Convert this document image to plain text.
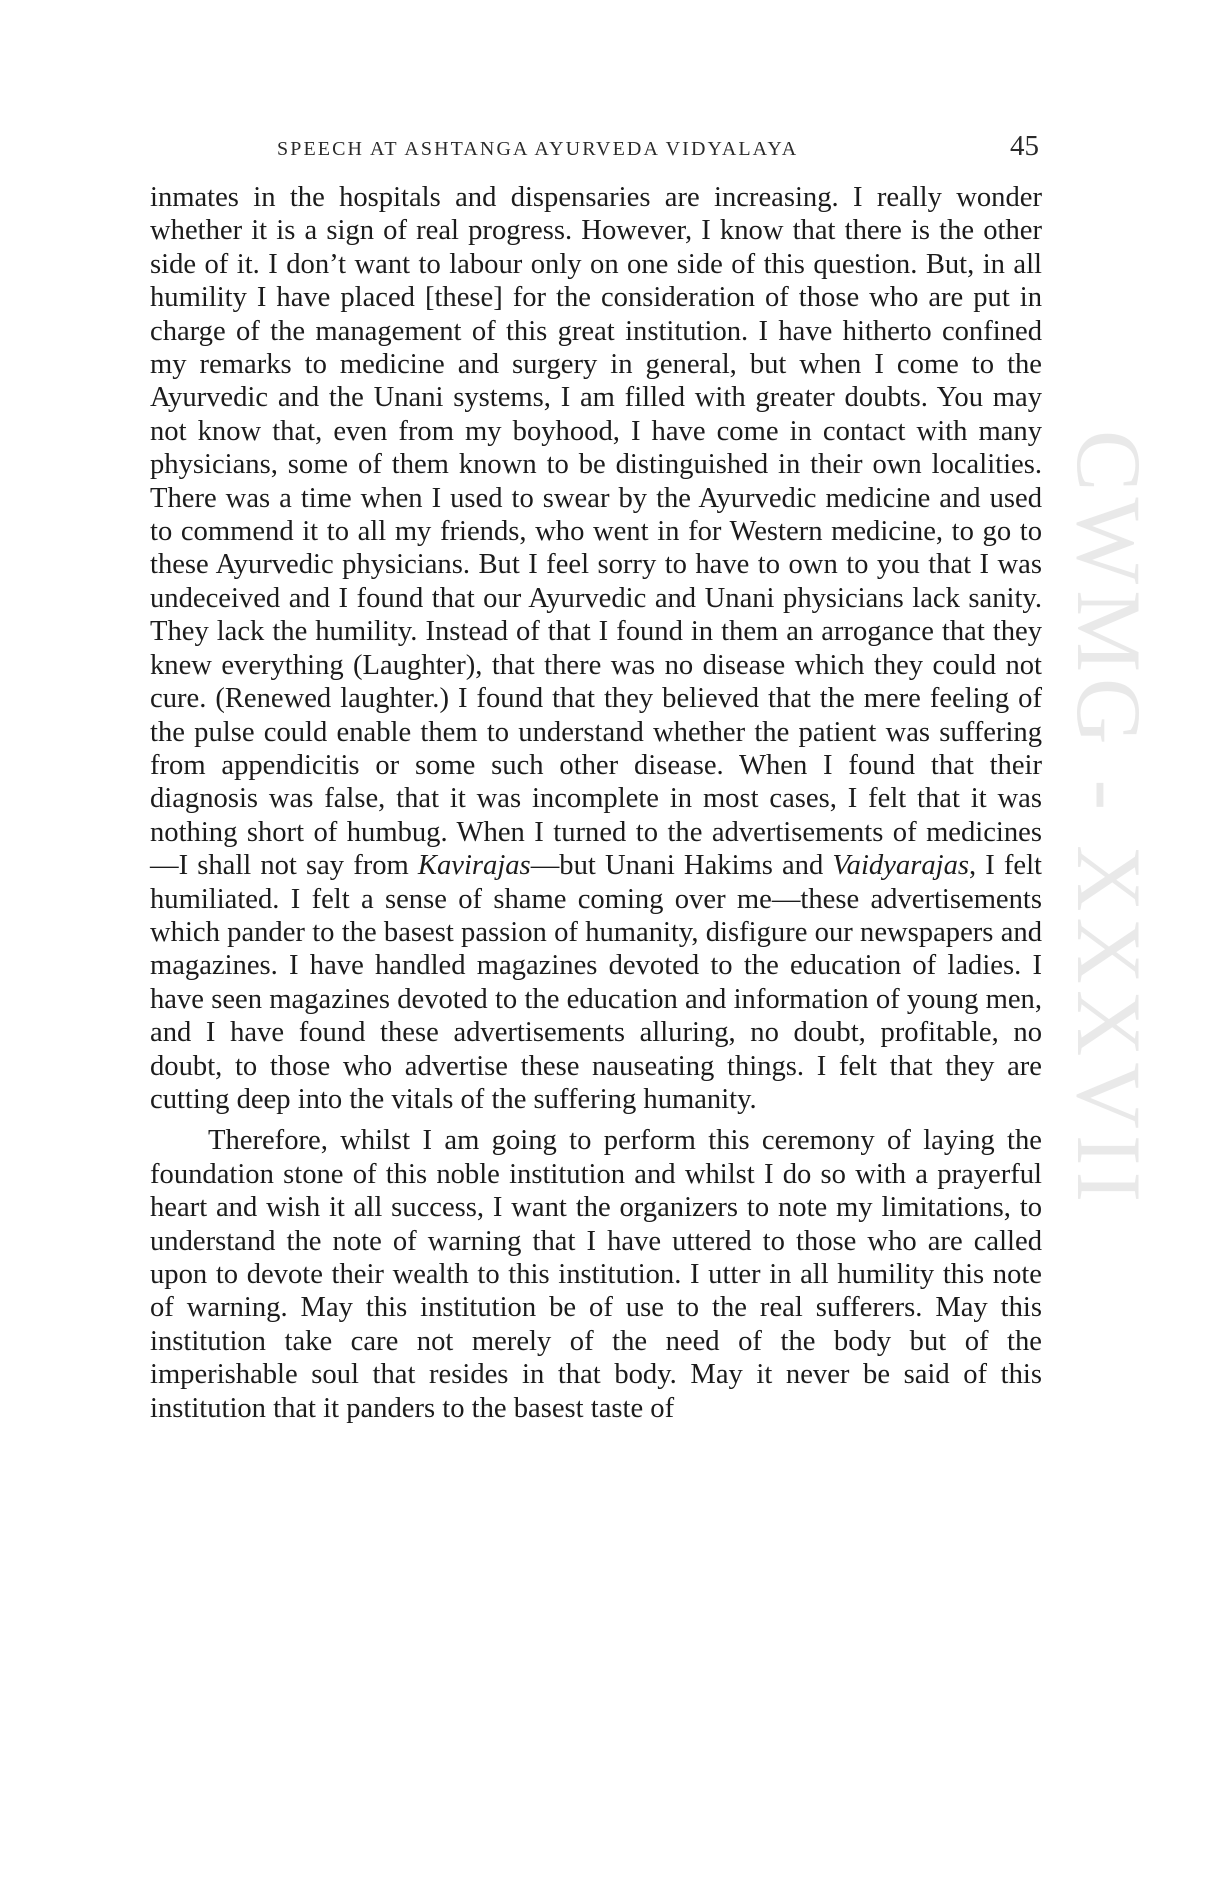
CWMG - XXXVII
SPEECH AT ASHTANGA AYURVEDA VIDYALAYA	45

inmates in the hospitals and dispensaries are increasing. I really wonder whether it is a sign of real progress. However, I know that there is the other side of it. I don’t want to labour only on one side of this question. But, in all humility I have placed [these] for the consideration of those who are put in charge of the management of this great institution. I have hitherto confined my remarks to medicine and surgery in general, but when I come to the Ayurvedic and the Unani systems, I am filled with greater doubts. You may not know that, even from my boyhood, I have come in contact with many physicians, some of them known to be distinguished in their own localities. There was a time when I used to swear by the Ayurvedic medicine and used to commend it to all my friends, who went in for Western medicine, to go to these Ayurvedic physicians. But I feel sorry to have to own to you that I was undeceived and I found that our Ayurvedic and Unani physicians lack sanity. They lack the humility. Instead of that I found in them an arrogance that they knew everything (Laughter), that there was no disease which they could not cure. (Renewed laughter.) I found that they believed that the mere feeling of the pulse could enable them to understand whether the patient was suffering from appendicitis or some such other disease. When I found that their diagnosis was false, that it was incomplete in most cases, I felt that it was nothing short of humbug. When I turned to the advertisements of medicines—I shall not say from Kavirajas—but Unani Hakims and Vaidyarajas, I felt humiliated. I felt a sense of shame coming over me—these advertisements which pander to the basest passion of humanity, disfigure our newspapers and magazines. I have handled magazines devoted to the education of ladies. I have seen magazines devoted to the education and information of young men, and I have found these advertisements alluring, no doubt, profitable, no doubt, to those who advertise these nauseating things. I felt that they are cutting deep into the vitals of the suffering humanity.

Therefore, whilst I am going to perform this ceremony of laying the foundation stone of this noble institution and whilst I do so with a prayerful heart and wish it all success, I want the organizers to note my limitations, to understand the note of warning that I have uttered to those who are called upon to devote their wealth to this institution. I utter in all humility this note of warning. May this institution be of use to the real sufferers. May this institution take care not merely of the need of the body but of the imperishable soul that resides in that body. May it never be said of this institution that it panders to the basest taste of
